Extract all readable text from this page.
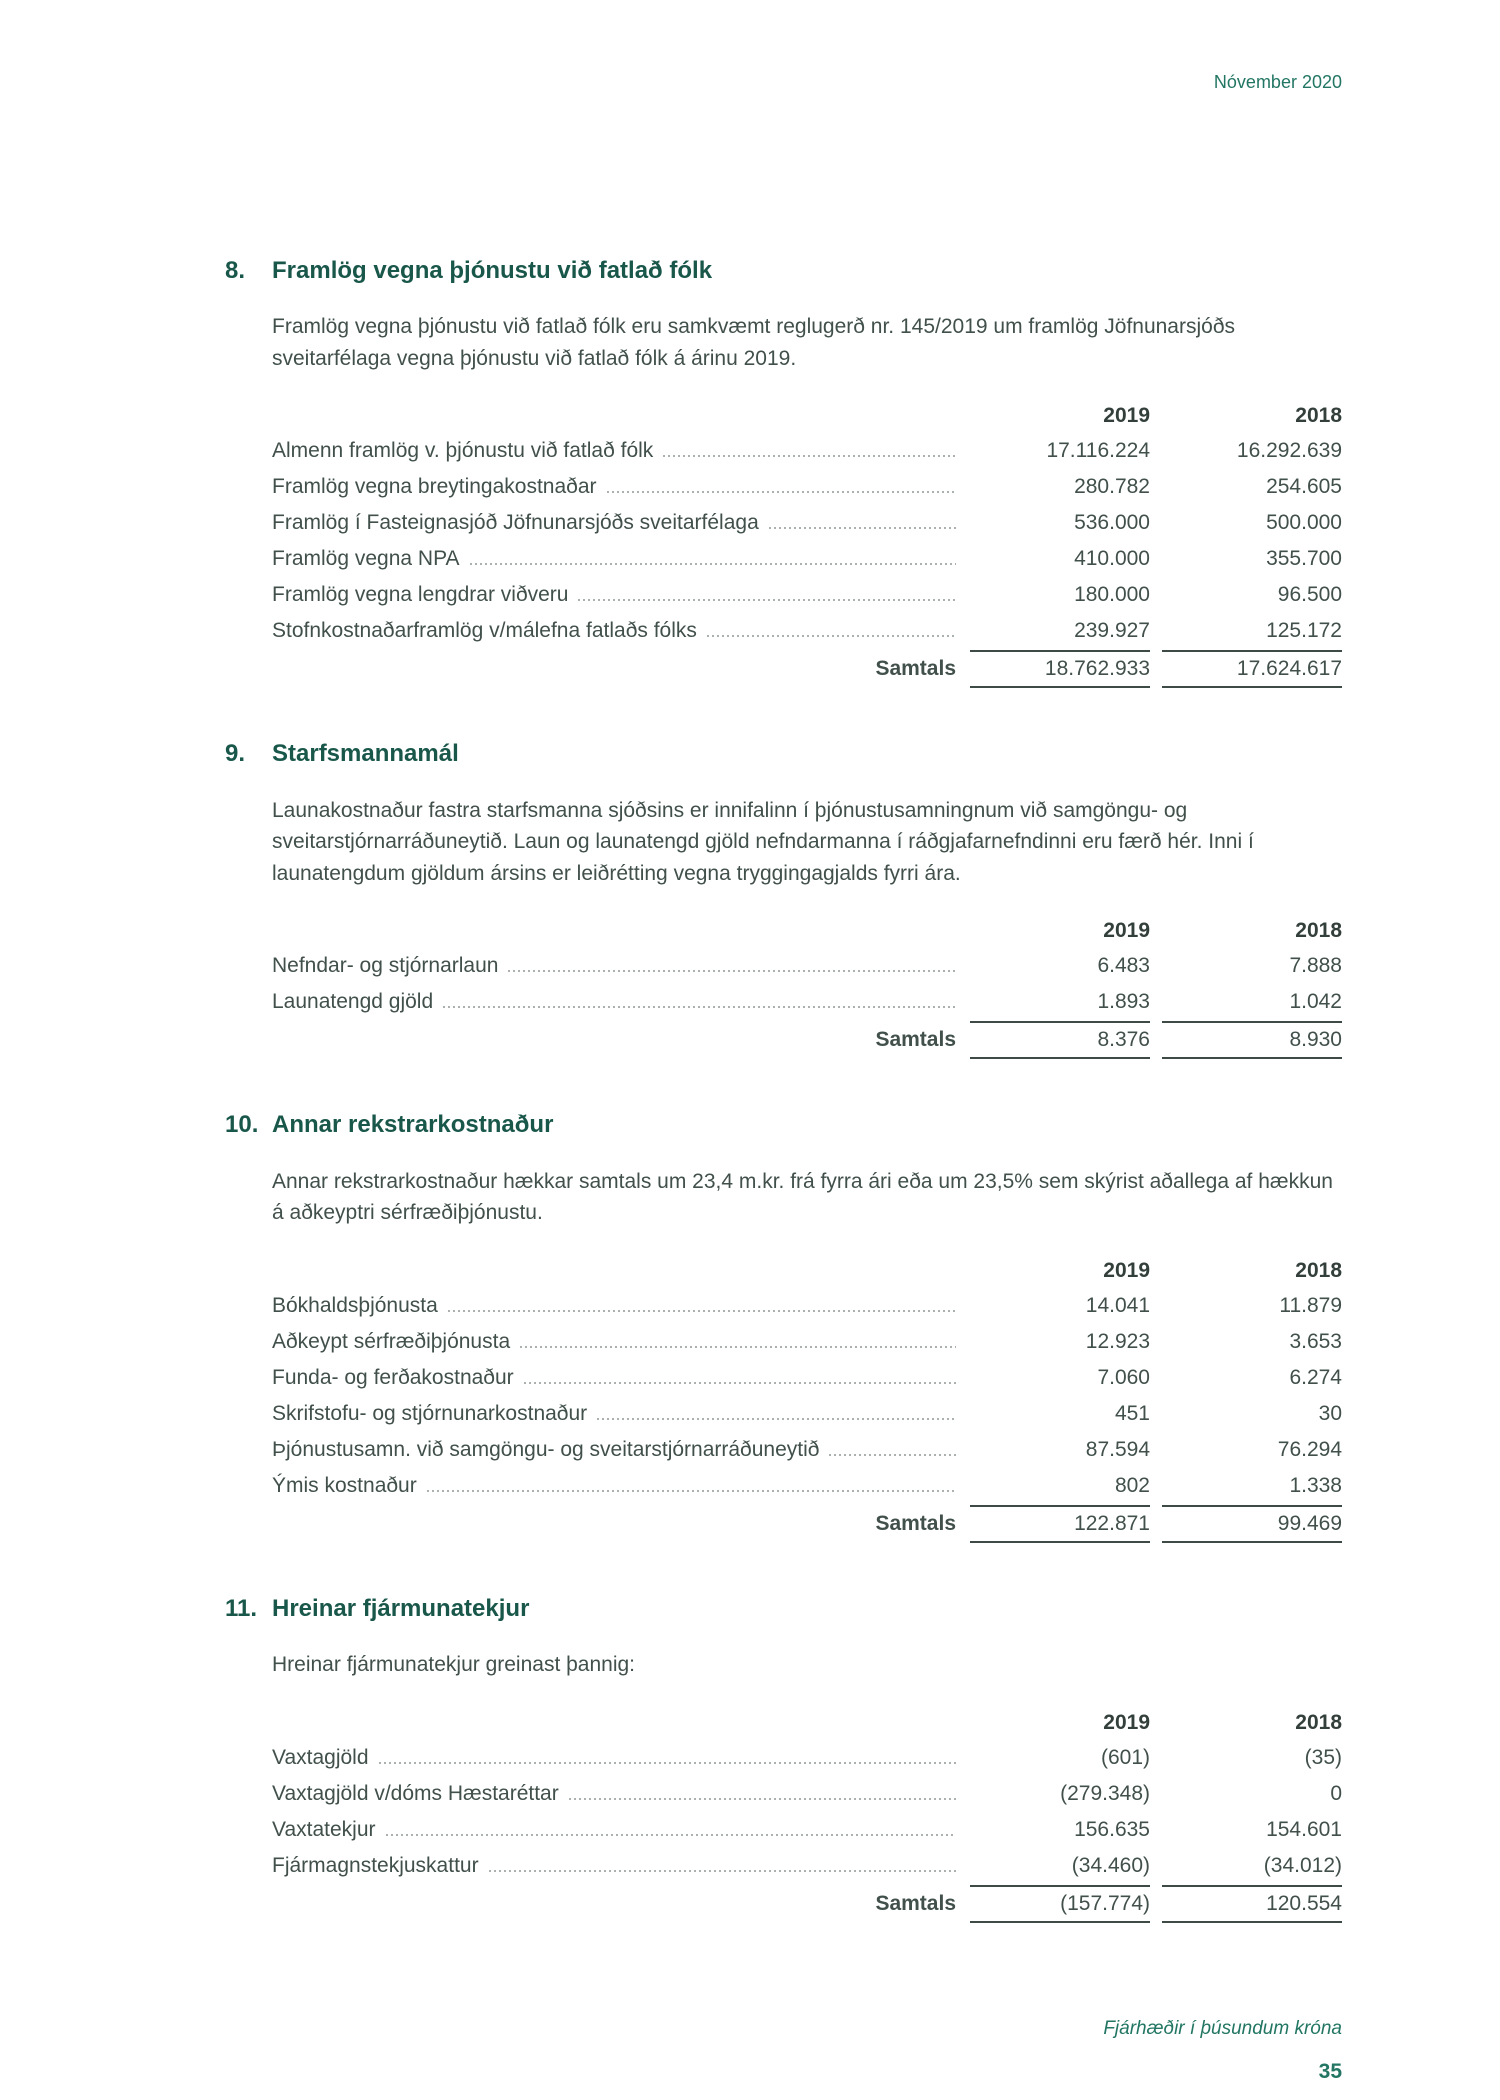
Nóvember 2020
8.	Framlög vegna þjónustu við fatlað fólk

Framlög vegna þjónustu við fatlað fólk eru samkvæmt reglugerð nr. 145/2019 um framlög Jöfnunarsjóðs sveitarfélaga vegna þjónustu við fatlað fólk á árinu 2019.

2019	2018
Almenn framlög v. þjónustu við fatlað fólk	17.116.224	16.292.639
Framlög vegna breytingakostnaðar	280.782	254.605
Framlög í Fasteignasjóð Jöfnunarsjóðs sveitarfélaga	536.000	500.000
Framlög vegna NPA	410.000	355.700
Framlög vegna lengdrar viðveru	180.000	96.500
Stofnkostnaðarframlög v/málefna fatlaðs fólks	239.927	125.172
Samtals	18.762.933	17.624.617
9.	Starfsmannamál

Launakostnaður fastra starfsmanna sjóðsins er innifalinn í þjónustusamningnum við samgöngu- og sveitarstjórnarráðuneytið. Laun og launatengd gjöld nefndarmanna í ráðgjafarnefndinni eru færð hér. Inni í launatengdum gjöldum ársins er leiðrétting vegna tryggingagjalds fyrri ára.

2019	2018
Nefndar- og stjórnarlaun	6.483	7.888
Launatengd gjöld	1.893	1.042
Samtals	8.376	8.930
10. Annar rekstrarkostnaður

Annar rekstrarkostnaður hækkar samtals um 23,4 m.kr. frá fyrra ári eða um 23,5% sem skýrist aðallega af hækkun á aðkeyptri sérfræðiþjónustu.

2019	2018
Bókhaldsþjónusta	14.041	11.879
Aðkeypt sérfræðiþjónusta	12.923	3.653
Funda- og ferðakostnaður	7.060	6.274
Skrifstofu- og stjórnunarkostnaður	451	30
Þjónustusamn. við samgöngu- og sveitarstjórnarráðuneytið	87.594	76.294
Ýmis kostnaður	802	1.338
Samtals	122.871	99.469
11. Hreinar fjármunatekjur

Hreinar fjármunatekjur greinast þannig:

2019	2018
Vaxtagjöld	(601)	(35)
Vaxtagjöld v/dóms Hæstaréttar	(279.348)	0
Vaxtatekjur	156.635	154.601
Fjármagnstekjuskattur	(34.460)	(34.012)
Samtals	(157.774)	120.554
Fjárhæðir í þúsundum króna
35
